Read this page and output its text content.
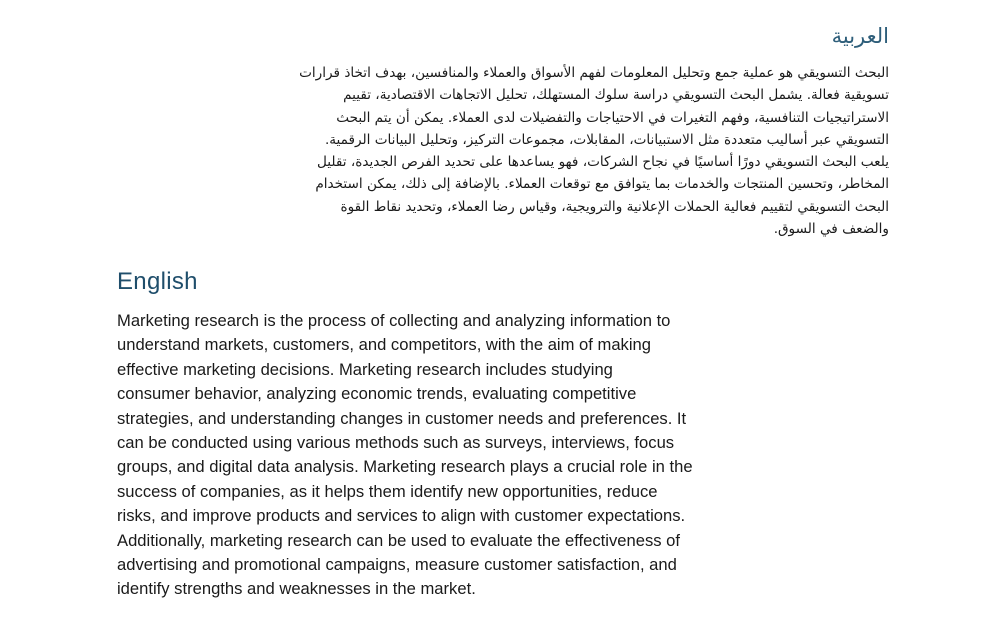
العربية

البحث التسويقي هو عملية جمع وتحليل المعلومات لفهم الأسواق والعملاء والمنافسين، بهدف اتخاذ قرارات
تسويقية فعالة. يشمل البحث التسويقي دراسة سلوك المستهلك، تحليل الاتجاهات الاقتصادية، تقييم
الاستراتيجيات التنافسية، وفهم التغيرات في الاحتياجات والتفضيلات لدى العملاء. يمكن أن يتم البحث
التسويقي عبر أساليب متعددة مثل الاستبيانات، المقابلات، مجموعات التركيز، وتحليل البيانات الرقمية.
يلعب البحث التسويقي دورًا أساسيًا في نجاح الشركات، فهو يساعدها على تحديد الفرص الجديدة، تقليل
المخاطر، وتحسين المنتجات والخدمات بما يتوافق مع توقعات العملاء. بالإضافة إلى ذلك، يمكن استخدام
البحث التسويقي لتقييم فعالية الحملات الإعلانية والترويجية، وقياس رضا العملاء، وتحديد نقاط القوة
والضعف في السوق.

English

Marketing research is the process of collecting and analyzing information to
understand markets, customers, and competitors, with the aim of making
effective marketing decisions. Marketing research includes studying
consumer behavior, analyzing economic trends, evaluating competitive
strategies, and understanding changes in customer needs and preferences. It
can be conducted using various methods such as surveys, interviews, focus
groups, and digital data analysis. Marketing research plays a crucial role in the
success of companies, as it helps them identify new opportunities, reduce
risks, and improve products and services to align with customer expectations.
Additionally, marketing research can be used to evaluate the effectiveness of
advertising and promotional campaigns, measure customer satisfaction, and
identify strengths and weaknesses in the market.
